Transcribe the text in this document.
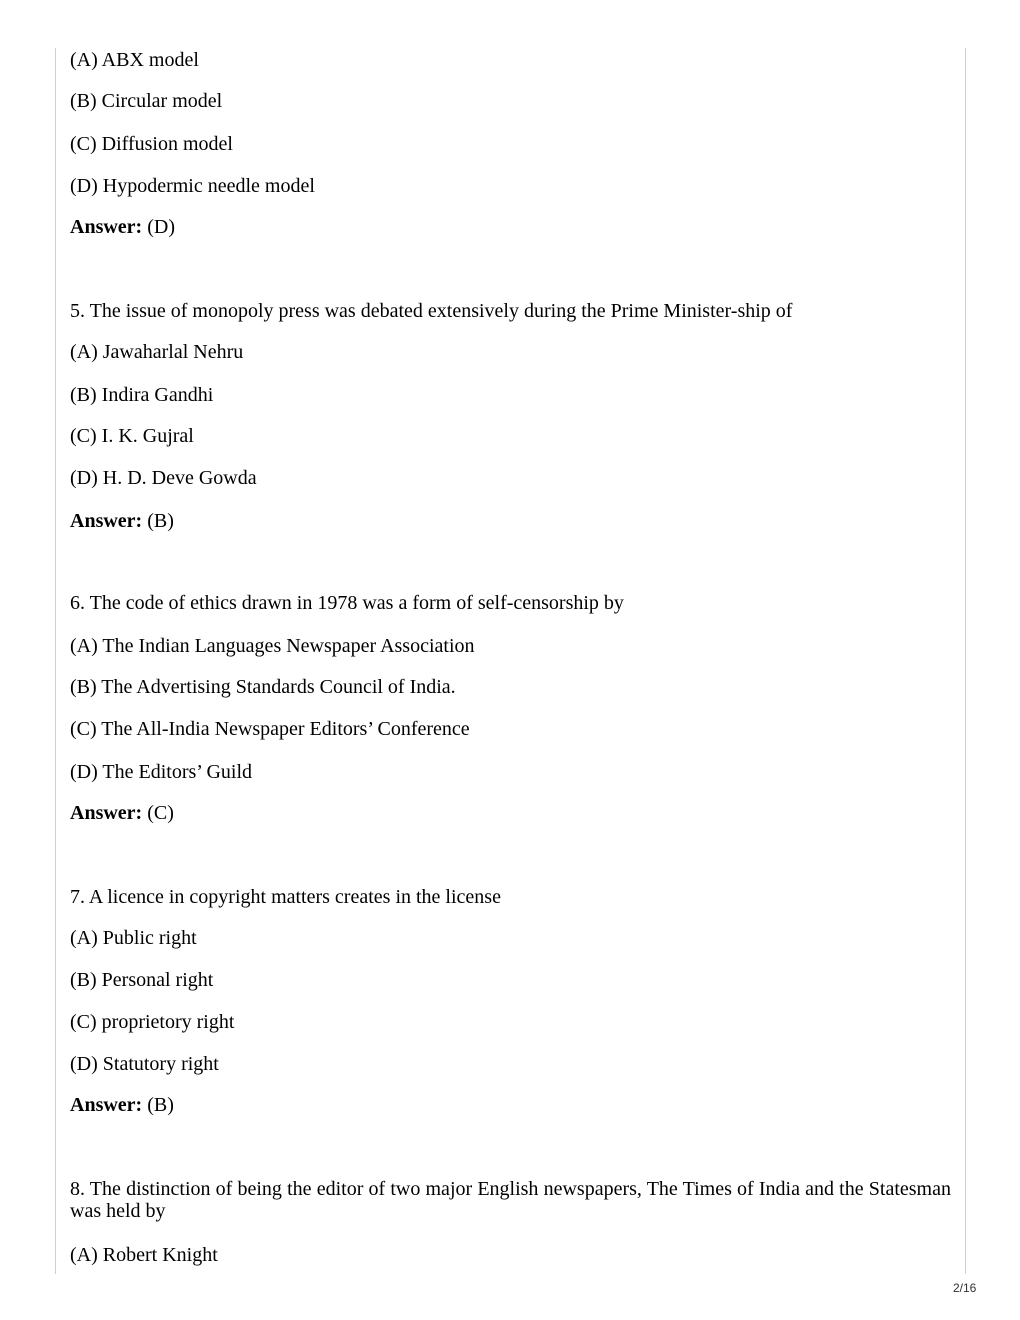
(A) ABX model
(B) Circular model
(C) Diffusion model
(D) Hypodermic needle model
Answer: (D)
5. The issue of monopoly press was debated extensively during the Prime Minister-ship of
(A) Jawaharlal Nehru
(B) Indira Gandhi
(C) I. K. Gujral
(D) H. D. Deve Gowda
Answer: (B)
6. The code of ethics drawn in 1978 was a form of self-censorship by
(A) The Indian Languages Newspaper Association
(B) The Advertising Standards Council of India.
(C) The All-India Newspaper Editors’ Conference
(D) The Editors’ Guild
Answer: (C)
7. A licence in copyright matters creates in the license
(A) Public right
(B) Personal right
(C) proprietory right
(D) Statutory right
Answer: (B)
8. The distinction of being the editor of two major English newspapers, The Times of India and the Statesman was held by
(A) Robert Knight
2/16
